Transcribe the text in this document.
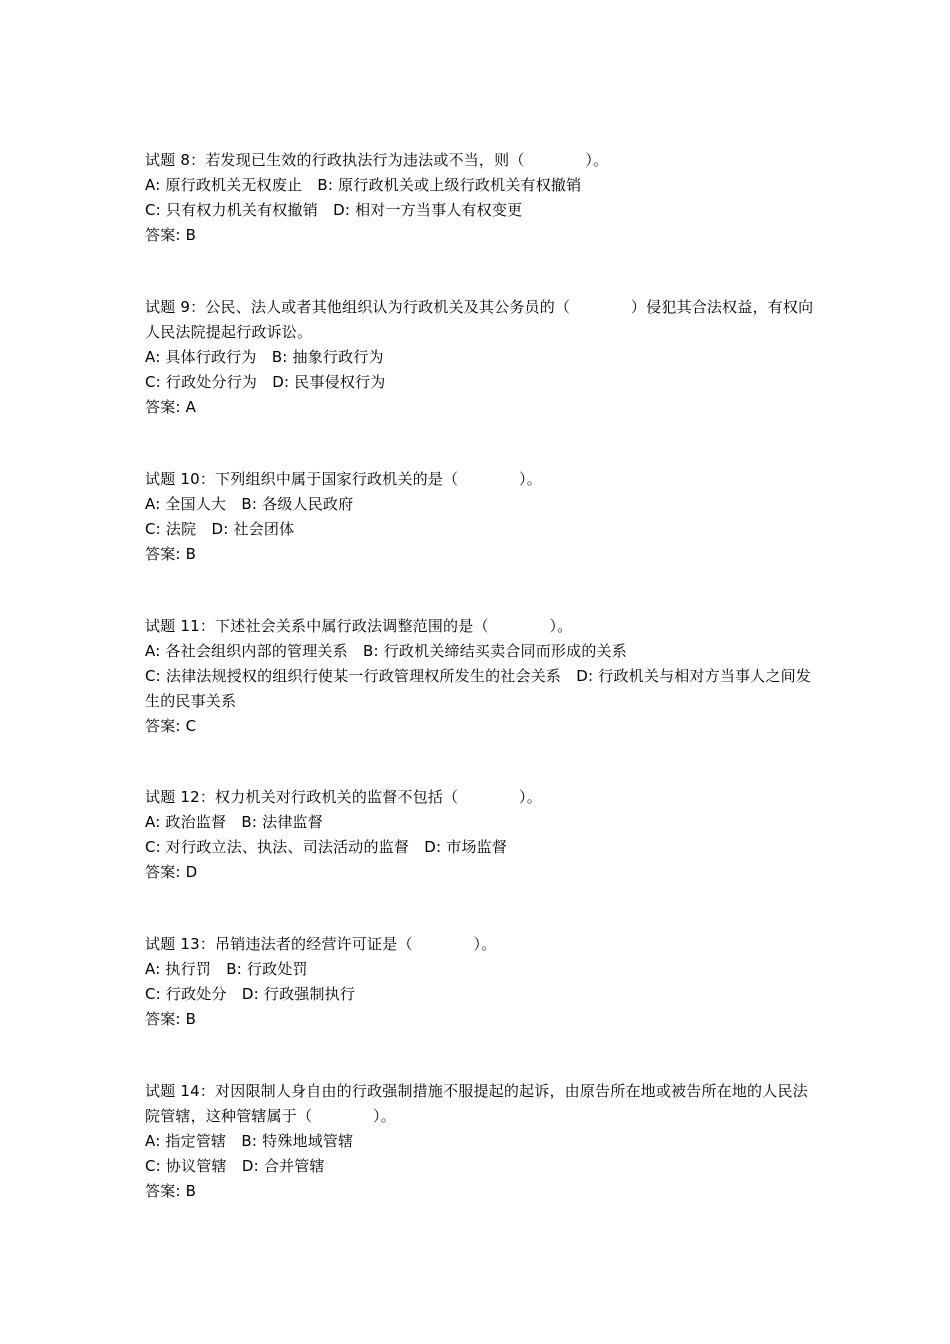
试题 8：若发现已生效的行政执法行为违法或不当，则（　　　　）。
A: 原行政机关无权废止　B: 原行政机关或上级行政机关有权撤销
C: 只有权力机关有权撤销　D: 相对一方当事人有权变更
答案: B
试题 9：公民、法人或者其他组织认为行政机关及其公务员的（　　　　）侵犯其合法权益，有权向人民法院提起行政诉讼。
A: 具体行政行为　B: 抽象行政行为
C: 行政处分行为　D: 民事侵权行为
答案: A
试题 10：下列组织中属于国家行政机关的是（　　　　）。
A: 全国人大　B: 各级人民政府
C: 法院　D: 社会团体
答案: B
试题 11：下述社会关系中属行政法调整范围的是（　　　　）。
A: 各社会组织内部的管理关系　B: 行政机关缔结买卖合同而形成的关系
C: 法律法规授权的组织行使某一行政管理权所发生的社会关系　D: 行政机关与相对方当事人之间发生的民事关系
答案: C
试题 12：权力机关对行政机关的监督不包括（　　　　）。
A: 政治监督　B: 法律监督
C: 对行政立法、执法、司法活动的监督　D: 市场监督
答案: D
试题 13：吊销违法者的经营许可证是（　　　　）。
A: 执行罚　B: 行政处罚
C: 行政处分　D: 行政强制执行
答案: B
试题 14：对因限制人身自由的行政强制措施不服提起的起诉，由原告所在地或被告所在地的人民法院管辖，这种管辖属于（　　　　）。
A: 指定管辖　B: 特殊地域管辖
C: 协议管辖　D: 合并管辖
答案: B
